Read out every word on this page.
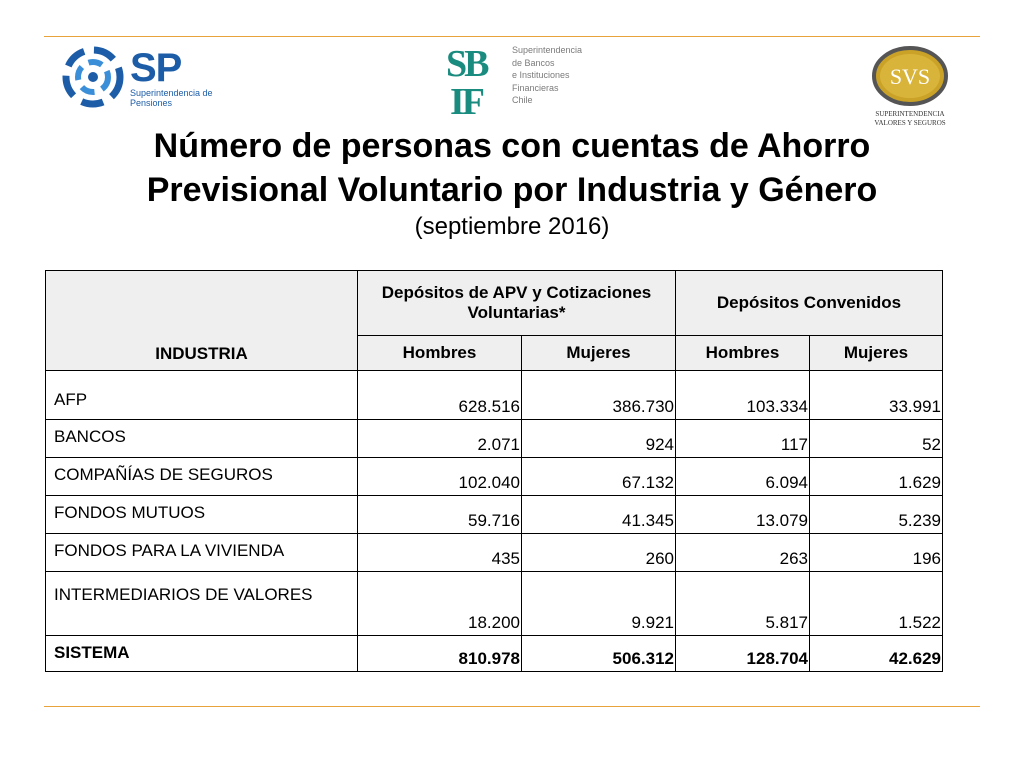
SP
Superintendencia de Pensiones
SB
IF
Superintendencia
de Bancos
e Instituciones
Financieras
Chile
SVS
SUPERINTENDENCIA
VALORES Y SEGUROS
Número de personas con cuentas de Ahorro
Previsional Voluntario por Industria y Género
(septiembre 2016)
INDUSTRIA	Depósitos de APV y Cotizaciones Voluntarias*		Depósitos Convenidos	
	Hombres	Mujeres	Hombres	Mujeres
AFP	628.516	386.730	103.334	33.991
BANCOS	2.071	924	117	52
COMPAÑÍAS DE SEGUROS	102.040	67.132	6.094	1.629
FONDOS MUTUOS	59.716	41.345	13.079	5.239
FONDOS PARA LA VIVIENDA	435	260	263	196
INTERMEDIARIOS DE VALORES	18.200	9.921	5.817	1.522
SISTEMA	810.978	506.312	128.704	42.629
